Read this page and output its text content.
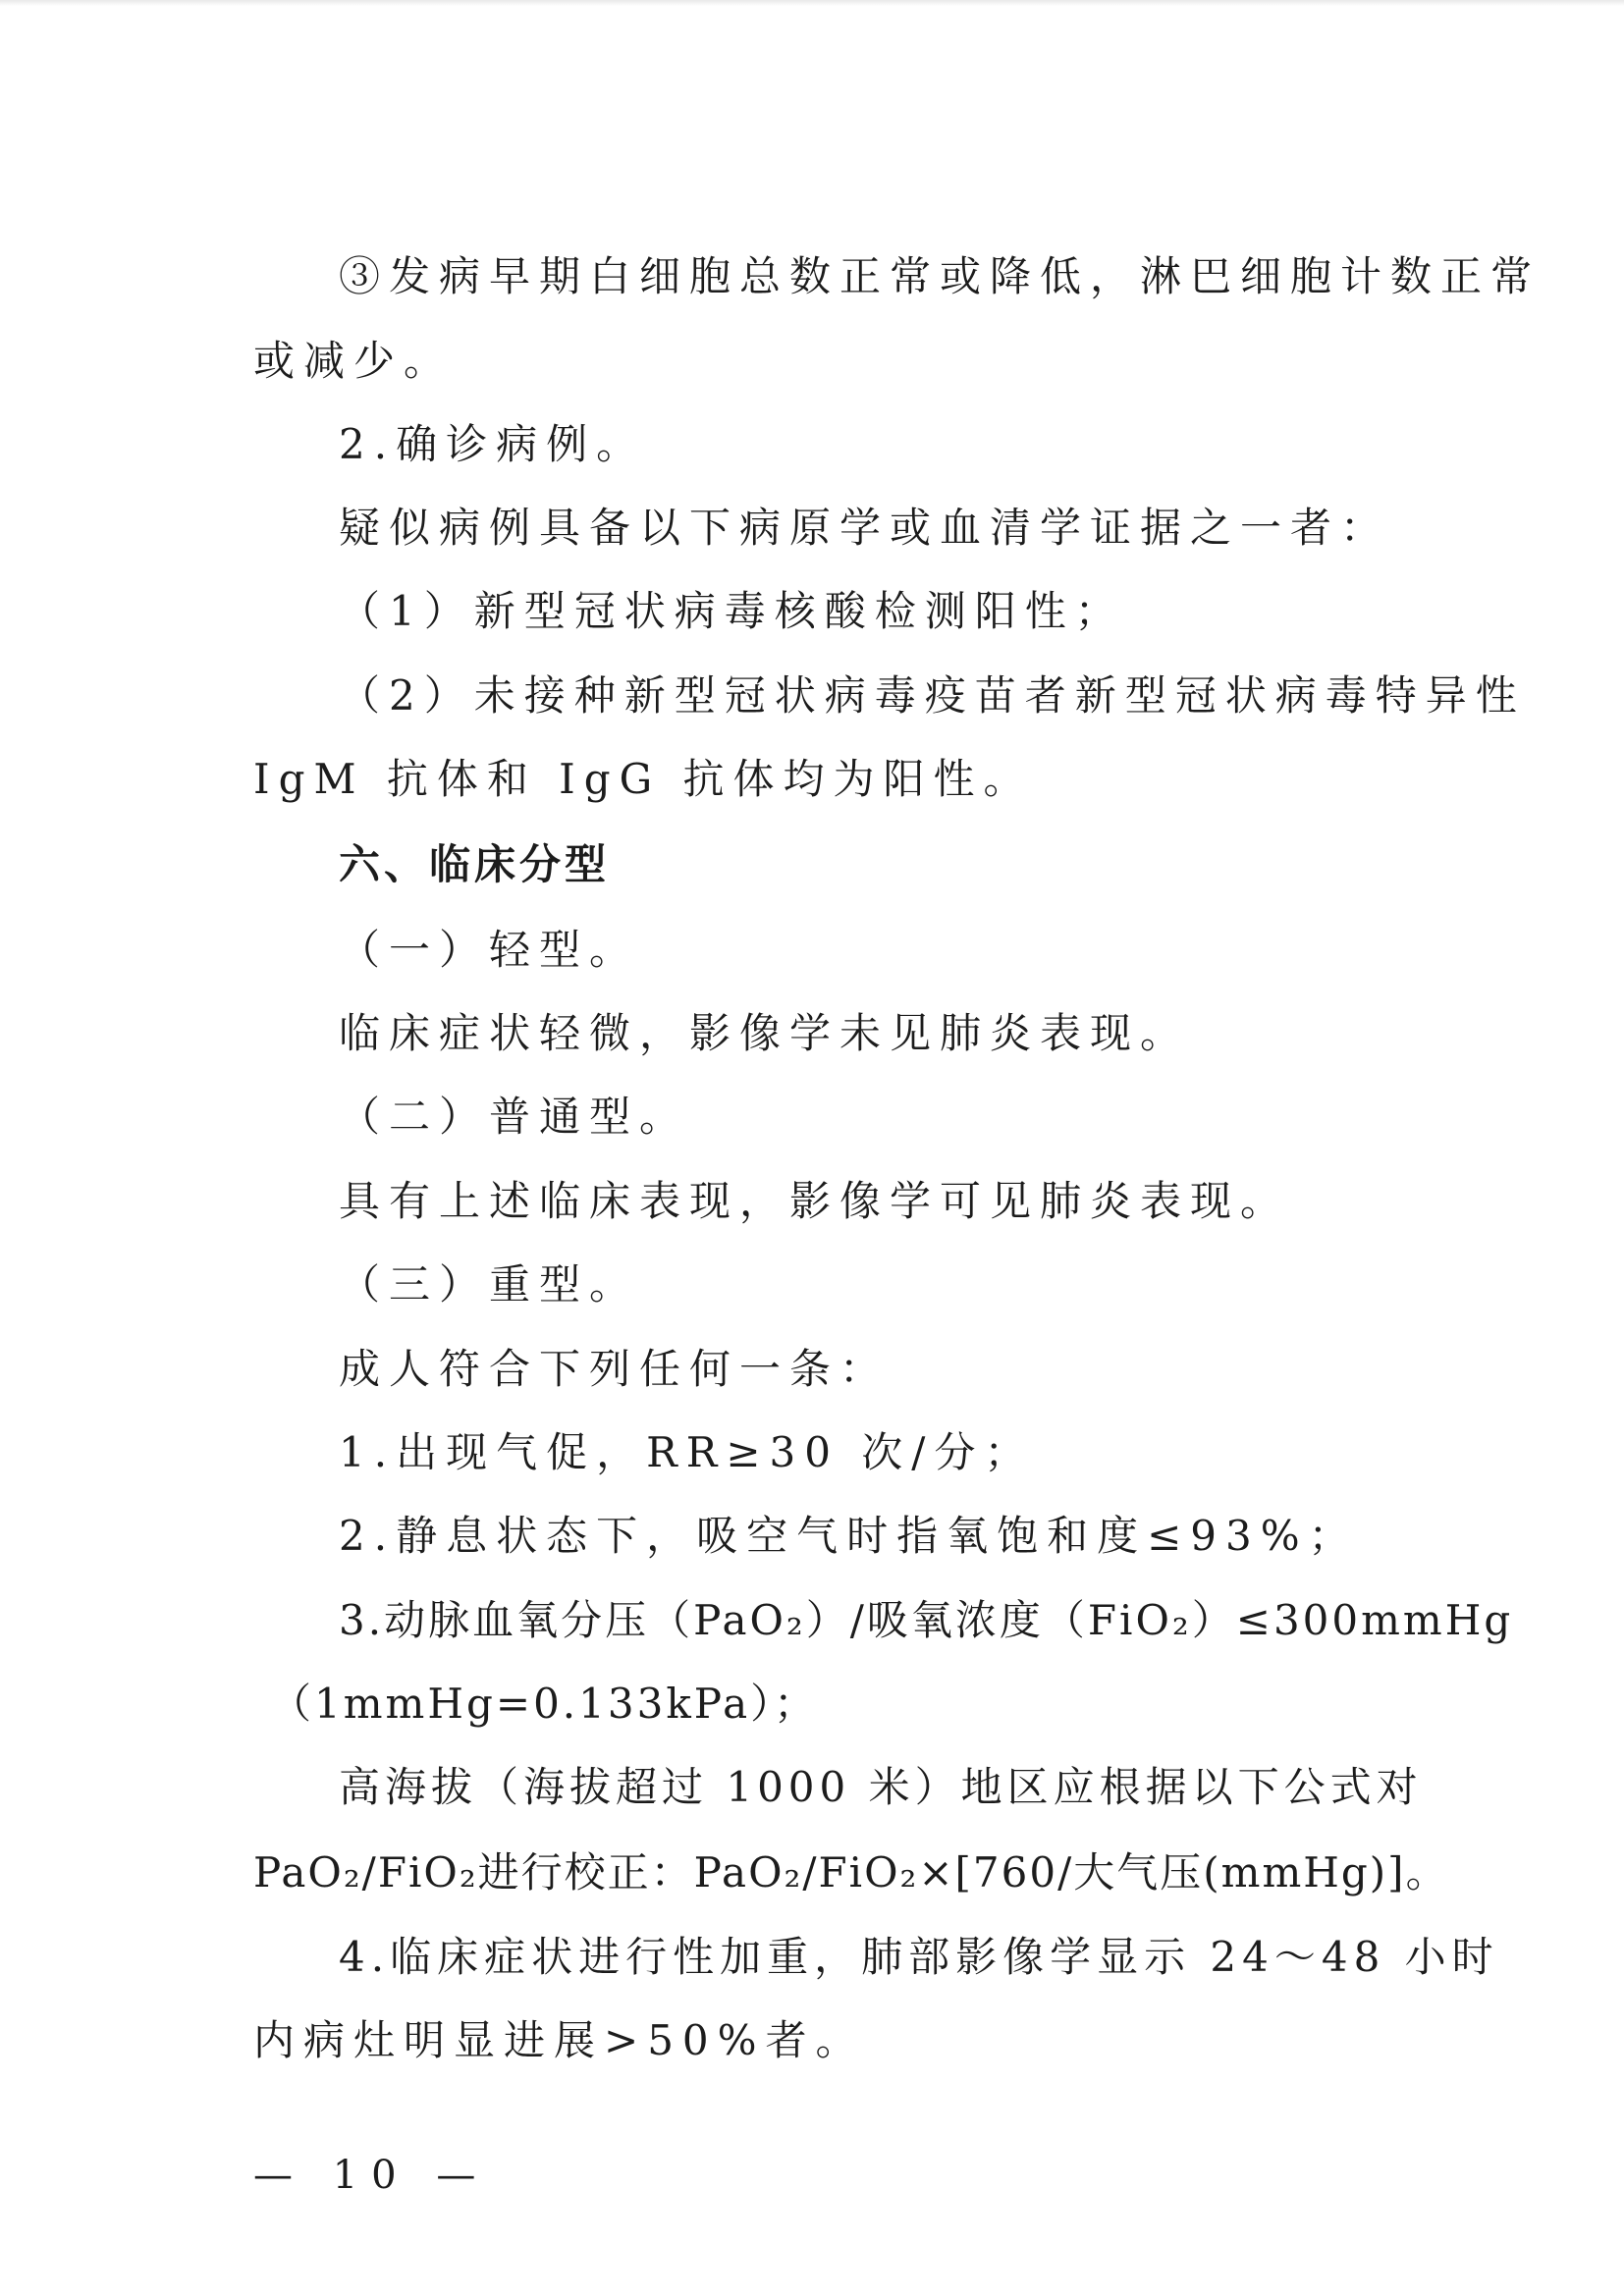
③发病早期白细胞总数正常或降低，淋巴细胞计数正常
或减少。
2.确诊病例。
疑似病例具备以下病原学或血清学证据之一者：
（1）新型冠状病毒核酸检测阳性；
（2）未接种新型冠状病毒疫苗者新型冠状病毒特异性
IgM 抗体和 IgG 抗体均为阳性。
六、临床分型
（一）轻型。
临床症状轻微，影像学未见肺炎表现。
（二）普通型。
具有上述临床表现，影像学可见肺炎表现。
（三）重型。
成人符合下列任何一条：
1.出现气促，RR≥30 次/分；
2.静息状态下，吸空气时指氧饱和度≤93%；
3.动脉血氧分压（PaO₂）/吸氧浓度（FiO₂）≤300mmHg
（1mmHg=0.133kPa）；
高海拔（海拔超过 1000 米）地区应根据以下公式对
PaO₂/FiO₂进行校正：PaO₂/FiO₂×[760/大气压(mmHg)]。
4.临床症状进行性加重，肺部影像学显示 24～48 小时
内病灶明显进展>50%者。
— 10 —
